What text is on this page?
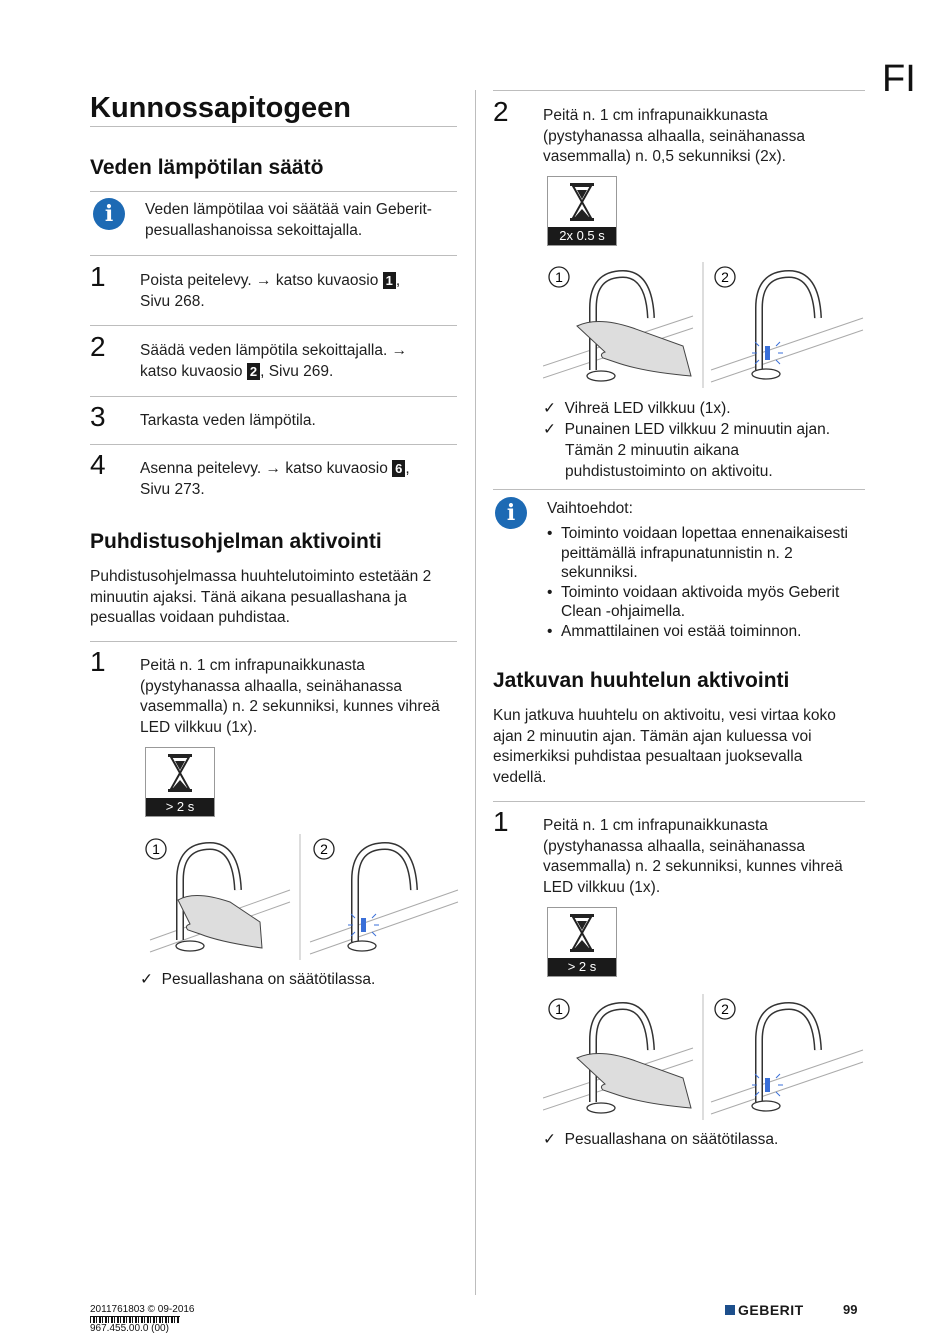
FI
Kunnossapitogeen
Veden lämpötilan säätö
i	Veden lämpötilaa voi säätää vain Geberit-pesuallashanoissa sekoittajalla.
1 Poista peitelevy. → katso kuvaosio 1 ,
Sivu 268.
2 Säädä veden lämpötila sekoittajalla. →
katso kuvaosio 2 , Sivu 269.
3 Tarkasta veden lämpötila.
4 Asenna peitelevy. → katso kuvaosio 6 ,
Sivu 273.
Puhdistusohjelman aktivointi
Puhdistusohjelmassa huuhtelutoiminto estetään 2 minuutin ajaksi. Tänä aikana pesuallashana ja pesuallas voidaan puhdistaa.
1 Peitä n. 1 cm infrapunaikkunasta (pystyhanassa alhaalla, seinähanassa vasemmalla) n. 2 sekunniksi, kunnes vihreä LED vilkkuu (1x).
> 2 s
1	2
✓ Pesuallashana on säätötilassa.
2 Peitä n. 1 cm infrapunaikkunasta (pystyhanassa alhaalla, seinähanassa vasemmalla) n. 0,5 sekunniksi (2x).
2x 0.5 s
1	2
✓ Vihreä LED vilkkuu (1x).
✓ Punainen LED vilkkuu 2 minuutin ajan.
Tämän 2 minuutin aikana puhdistustoiminto on aktivoitu.
i	Vaihtoehdot:
• Toiminto voidaan lopettaa ennenaikaisesti peittämällä infrapunatunnistin n. 2 sekunniksi.
• Toiminto voidaan aktivoida myös Geberit Clean -ohjaimella.
• Ammattilainen voi estää toiminnon.
Jatkuvan huuhtelun aktivointi
Kun jatkuva huuhtelu on aktivoitu, vesi virtaa koko ajan 2 minuutin ajan. Tämän ajan kuluessa voi esimerkiksi puhdistaa pesualtaan juoksevalla vedellä.
1 Peitä n. 1 cm infrapunaikkunasta (pystyhanassa alhaalla, seinähanassa vasemmalla) n. 2 sekunniksi, kunnes vihreä LED vilkkuu (1x).
> 2 s
1	2
✓ Pesuallashana on säätötilassa.
2011761803 © 09-2016
967.455.00.0 (00)
GEBERIT	99
